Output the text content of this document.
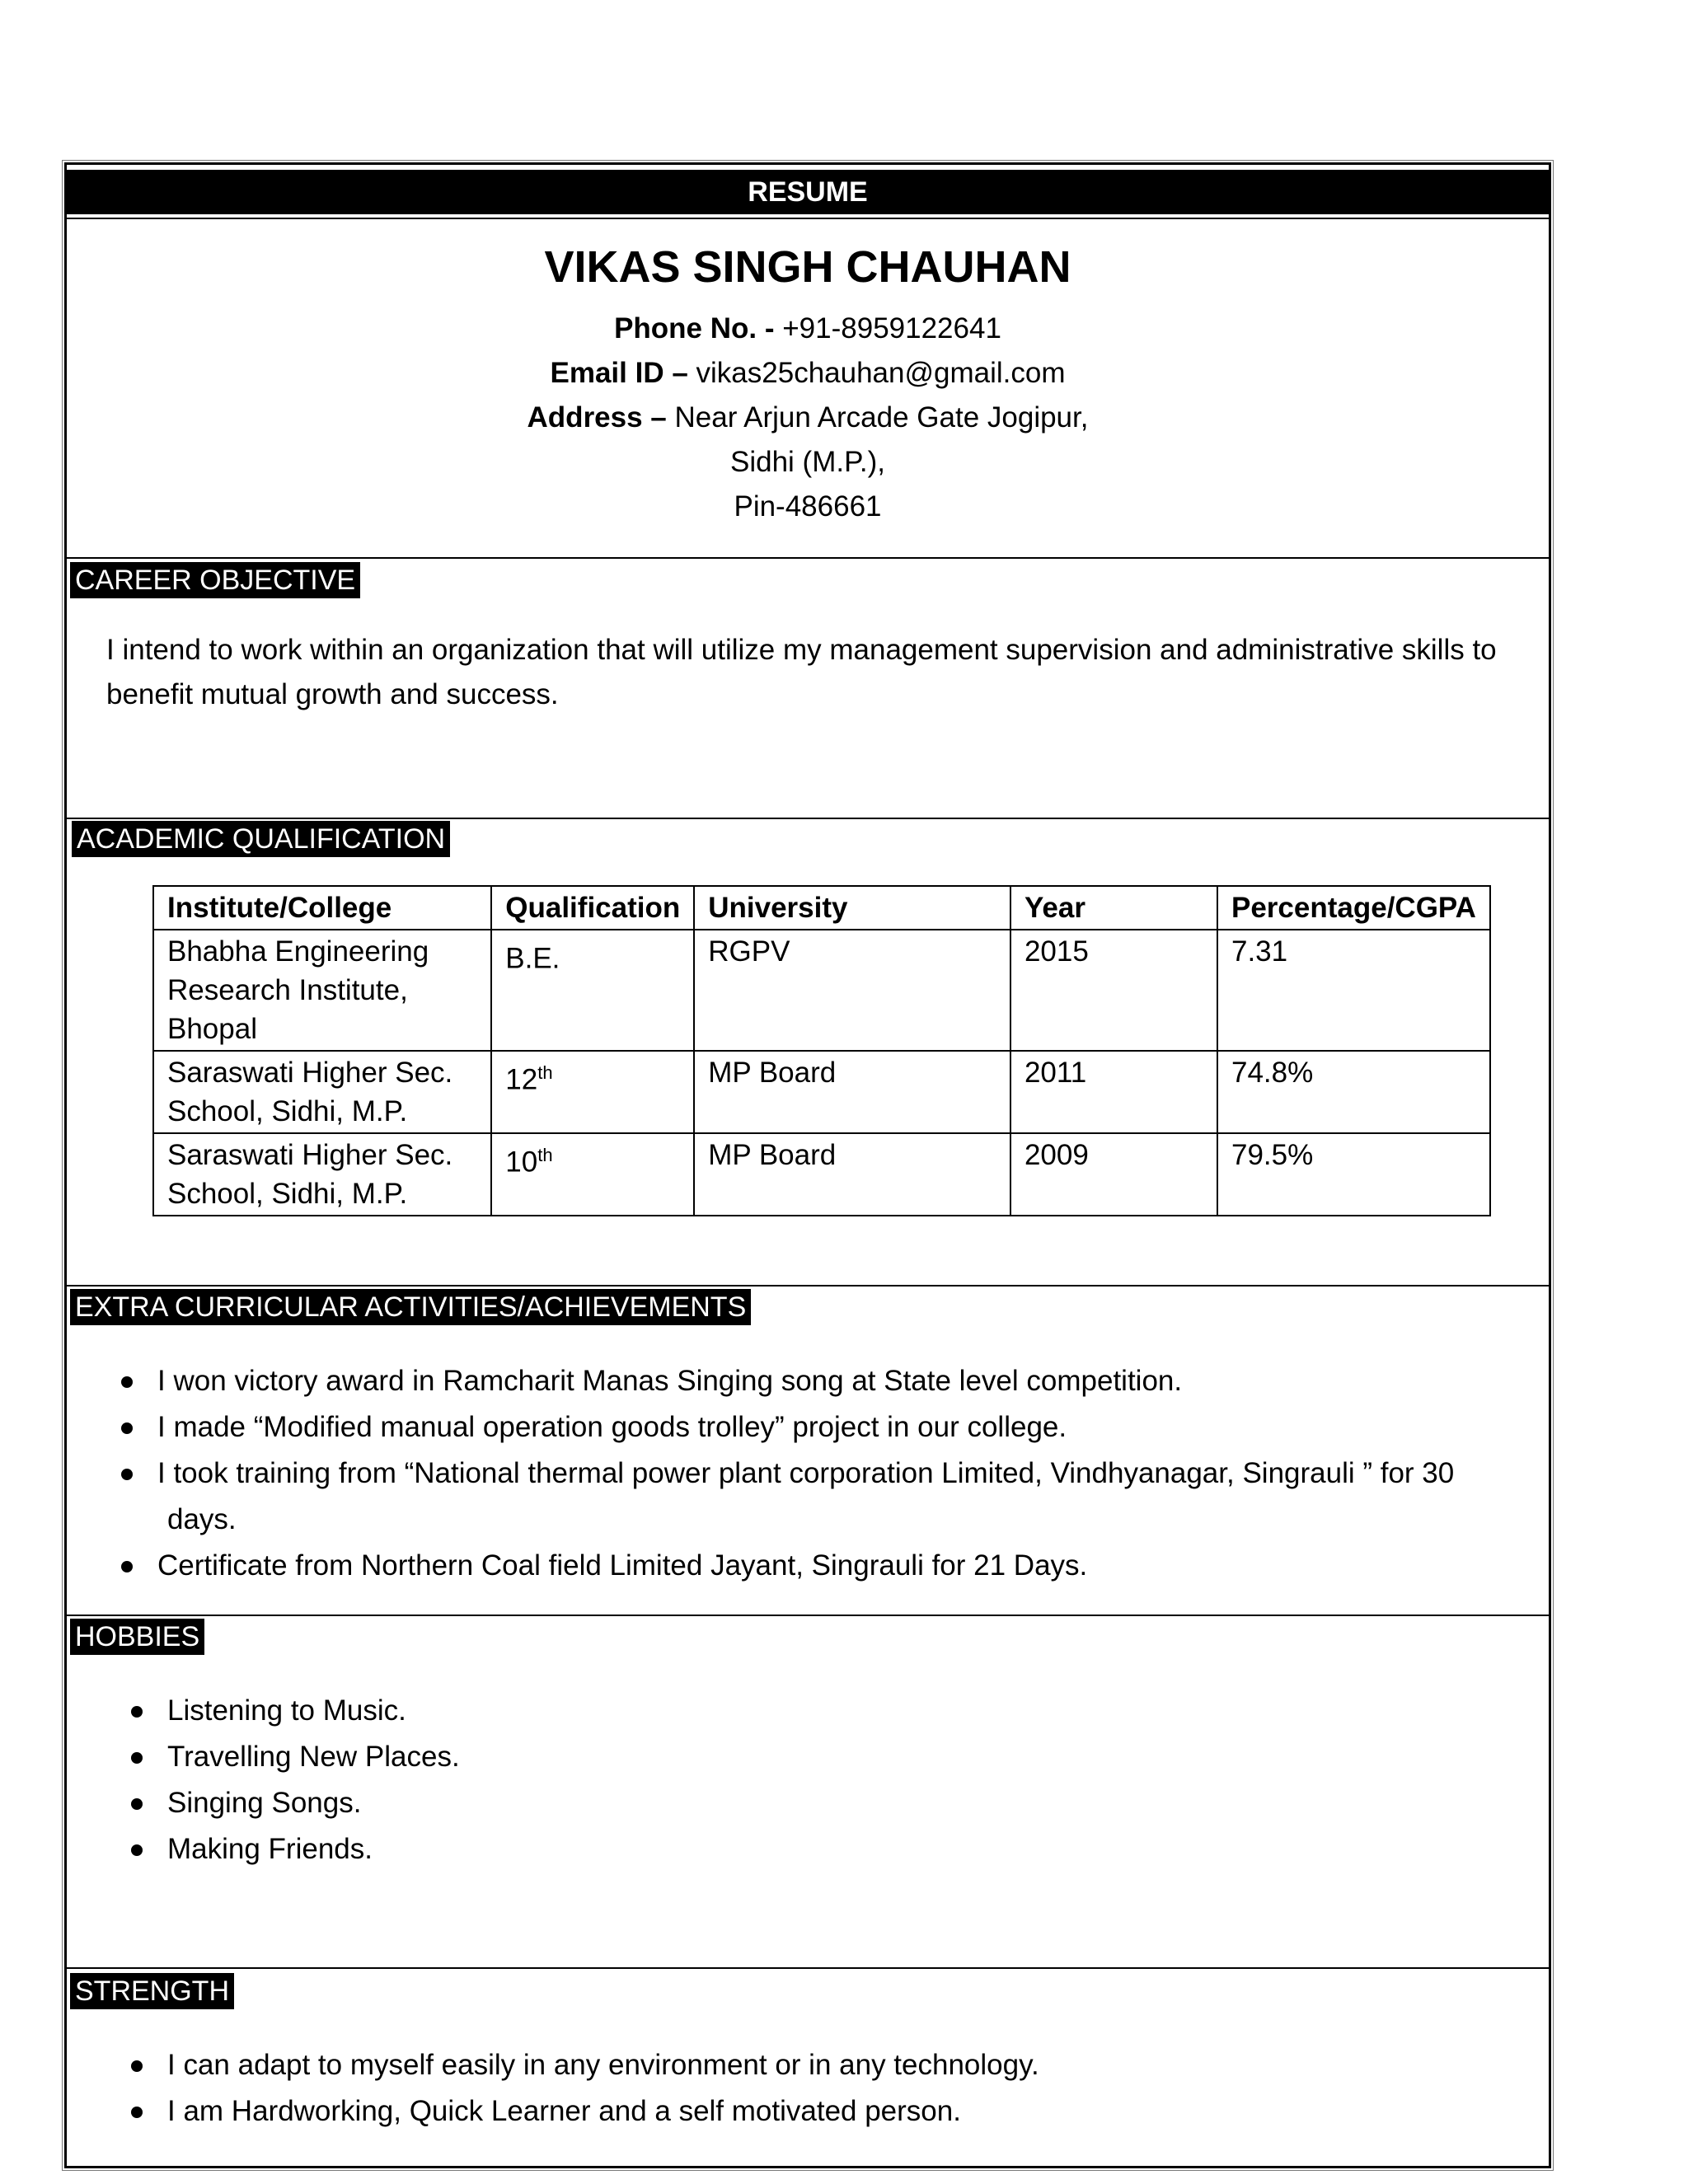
RESUME
VIKAS SINGH CHAUHAN
Phone No. - +91-8959122641
Email ID – vikas25chauhan@gmail.com
Address – Near Arjun Arcade Gate Jogipur,
Sidhi (M.P.),
Pin-486661
CAREER OBJECTIVE
I intend to work within an organization that will utilize my management supervision and administrative skills to benefit mutual growth and success.
ACADEMIC QUALIFICATION
Institute/College	Qualification	University	Year	Percentage/CGPA
Bhabha Engineering Research Institute, Bhopal	B.E.	RGPV	2015	7.31
Saraswati Higher Sec. School, Sidhi, M.P.	12th	MP Board	2011	74.8%
Saraswati Higher Sec. School, Sidhi, M.P.	10th	MP Board	2009	79.5%
EXTRA CURRICULAR ACTIVITIES/ACHIEVEMENTS
I won victory award in Ramcharit Manas Singing song at State level competition.
I made “Modified manual operation goods trolley” project in our college.
I took training from “National thermal power plant corporation Limited, Vindhyanagar, Singrauli ” for 30
days.
Certificate from Northern Coal field Limited Jayant, Singrauli for 21 Days.
HOBBIES
Listening to Music.
Travelling New Places.
Singing Songs.
Making Friends.
STRENGTH
I can adapt to myself easily in any environment or in any technology.
I am Hardworking, Quick Learner and a self motivated person.
